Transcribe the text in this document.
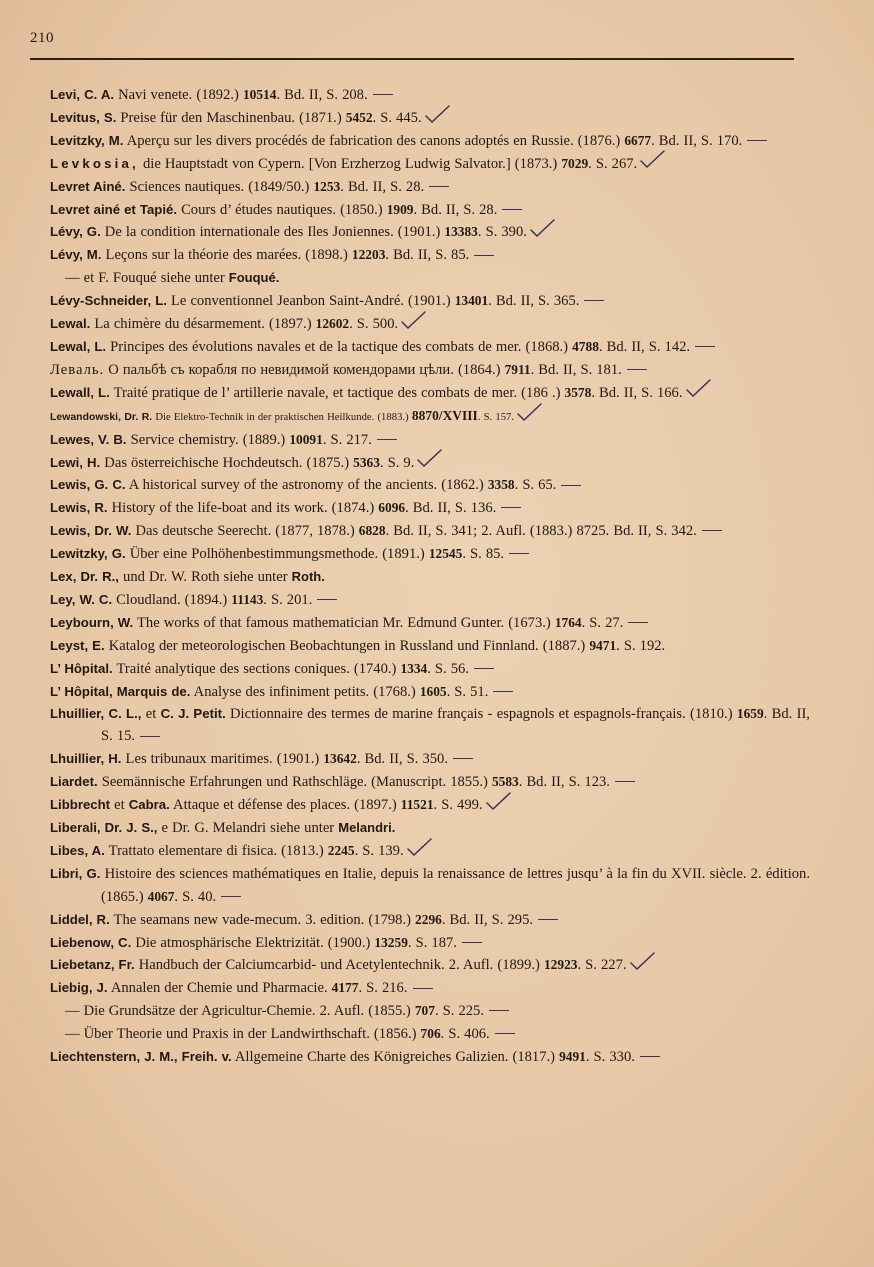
210
Levi, C. A. Navi venete. (1892.) 10514. Bd. II, S. 208.
Levitus, S. Preise für den Maschinenbau. (1871.) 5452. S. 445.
Levitzky, M. Aperçu sur les divers procédés de fabrication des canons adoptés en Russie. (1876.) 6677. Bd. II, S. 170.
Levkosia, die Hauptstadt von Cypern. [Von Erzherzog Ludwig Salvator.] (1873.) 7029. S. 267.
Levret Ainé. Sciences nautiques. (1849/50.) 1253. Bd. II, S. 28.
Levret ainé et Tapié. Cours d’ études nautiques. (1850.) 1909. Bd. II, S. 28.
Lévy, G. De la condition internationale des Iles Joniennes. (1901.) 13383. S. 390.
Lévy, M. Leçons sur la théorie des marées. (1898.) 12203. Bd. II, S. 85.
— et F. Fouqué siehe unter Fouqué.
Lévy-Schneider, L. Le conventionnel Jeanbon Saint-André. (1901.) 13401. Bd. II, S. 365.
Lewal. La chimère du désarmement. (1897.) 12602. S. 500.
Lewal, L. Principes des évolutions navales et de la tactique des combats de mer. (1868.) 4788. Bd. II, S. 142.
Леваль. О пальбѣ съ корабля по невидимой комендорами цѣли. (1864.) 7911. Bd. II, S. 181.
Lewall, L. Traité pratique de l’ artillerie navale, et tactique des combats de mer. (186 .) 3578. Bd. II, S. 166.
Lewandowski, Dr. R. Die Elektro-Technik in der praktischen Heilkunde. (1883.) 8870/XVIII. S. 157.
Lewes, V. B. Service chemistry. (1889.) 10091. S. 217.
Lewi, H. Das österreichische Hochdeutsch. (1875.) 5363. S. 9.
Lewis, G. C. A historical survey of the astronomy of the ancients. (1862.) 3358. S. 65.
Lewis, R. History of the life-boat and its work. (1874.) 6096. Bd. II, S. 136.
Lewis, Dr. W. Das deutsche Seerecht. (1877, 1878.) 6828. Bd. II, S. 341; 2. Aufl. (1883.) 8725. Bd. II, S. 342.
Lewitzky, G. Über eine Polhöhenbestimmungsmethode. (1891.) 12545. S. 85.
Lex, Dr. R., und Dr. W. Roth siehe unter Roth.
Ley, W. C. Cloudland. (1894.) 11143. S. 201.
Leybourn, W. The works of that famous mathematician Mr. Edmund Gunter. (1673.) 1764. S. 27.
Leyst, E. Katalog der meteorologischen Beobachtungen in Russland und Finnland. (1887.) 9471. S. 192.
L’ Hôpital. Traité analytique des sections coniques. (1740.) 1334. S. 56.
L’ Hôpital, Marquis de. Analyse des infiniment petits. (1768.) 1605. S. 51.
Lhuillier, C. L., et C. J. Petit. Dictionnaire des termes de marine français - espagnols et espagnols-français. (1810.) 1659. Bd. II, S. 15.
Lhuillier, H. Les tribunaux maritimes. (1901.) 13642. Bd. II, S. 350.
Liardet. Seemännische Erfahrungen und Rathschläge. (Manuscript. 1855.) 5583. Bd. II, S. 123.
Libbrecht et Cabra. Attaque et défense des places. (1897.) 11521. S. 499.
Liberali, Dr. J. S., e Dr. G. Melandri siehe unter Melandri.
Libes, A. Trattato elementare di fisica. (1813.) 2245. S. 139.
Libri, G. Histoire des sciences mathématiques en Italie, depuis la renaissance de lettres jusqu’ à la fin du XVII. siècle. 2. édition. (1865.) 4067. S. 40.
Liddel, R. The seamans new vade-mecum. 3. edition. (1798.) 2296. Bd. II, S. 295.
Liebenow, C. Die atmosphärische Elektrizität. (1900.) 13259. S. 187.
Liebetanz, Fr. Handbuch der Calciumcarbid- und Acetylentechnik. 2. Aufl. (1899.) 12923. S. 227.
Liebig, J. Annalen der Chemie und Pharmacie. 4177. S. 216.
— Die Grundsätze der Agricultur-Chemie. 2. Aufl. (1855.) 707. S. 225.
— Über Theorie und Praxis in der Landwirthschaft. (1856.) 706. S. 406.
Liechtenstern, J. M., Freih. v. Allgemeine Charte des Königreiches Galizien. (1817.) 9491. S. 330.
